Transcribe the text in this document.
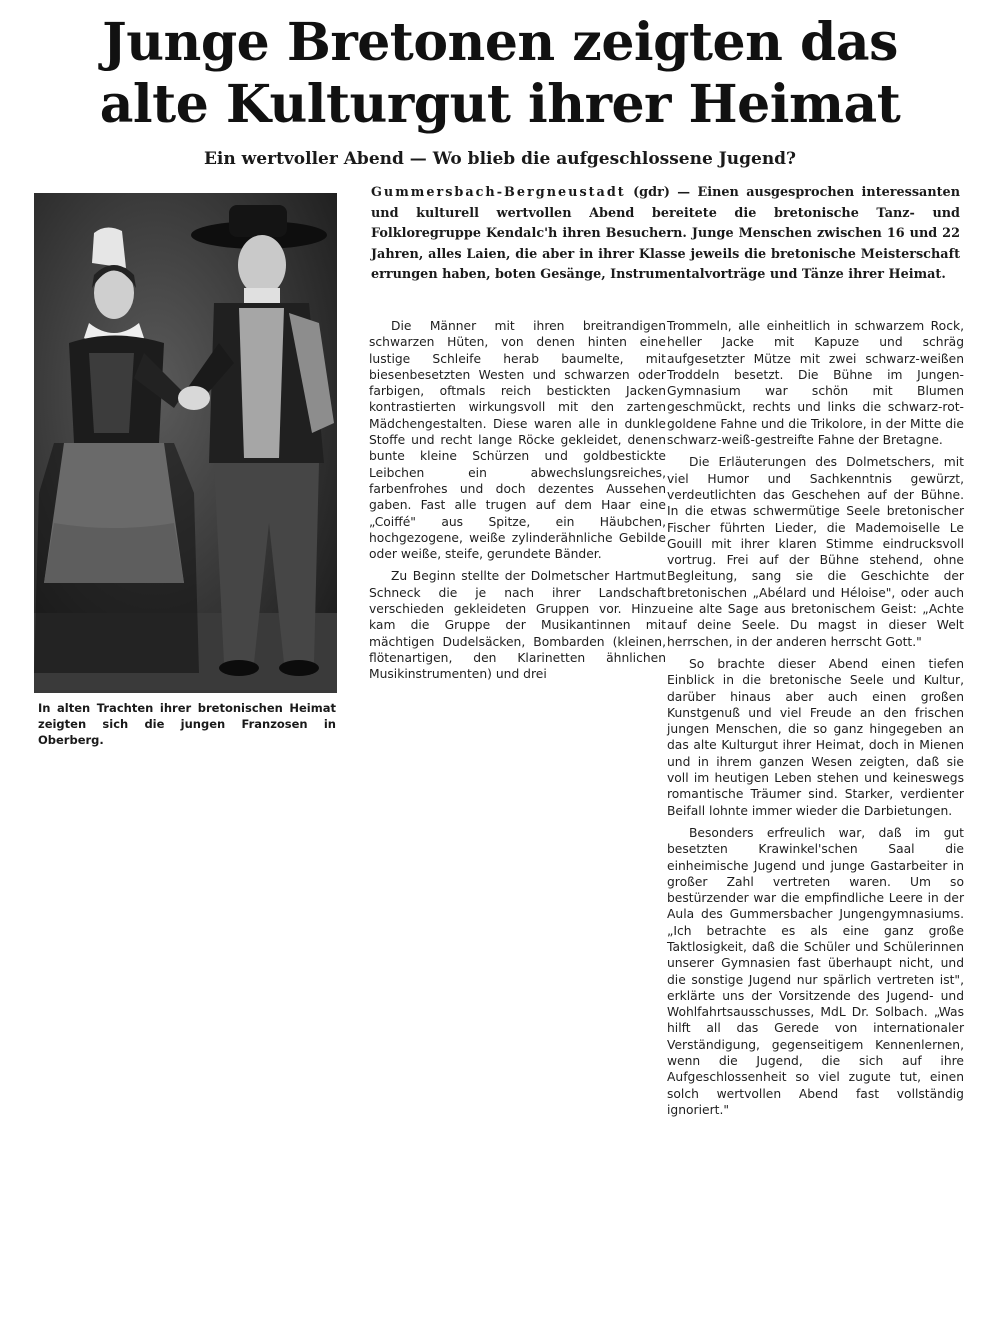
Junge Bretonen zeigten das
alte Kulturgut ihrer Heimat
Ein wertvoller Abend — Wo blieb die aufgeschlossene Jugend?

In alten Trachten ihrer bretonischen Heimat zeigten sich die jungen Franzosen in Oberberg.

Gummersbach-Bergneustadt (gdr) — Einen ausgesprochen interessanten und kulturell wertvollen Abend bereitete die bretonische Tanz- und Folkloregruppe Kendalc'h ihren Besuchern. Junge Menschen zwischen 16 und 22 Jahren, alles Laien, die aber in ihrer Klasse jeweils die bretonische Meisterschaft errungen haben, boten Gesänge, Instrumentalvorträge und Tänze ihrer Heimat.

Die Männer mit ihren breitrandigen schwarzen Hüten, von denen hinten eine lustige Schleife herab baumelte, mit biesenbesetzten Westen und schwarzen oder farbigen, oftmals reich bestickten Jacken kontrastierten wirkungsvoll mit den zarten Mädchengestalten. Diese waren alle in dunkle Stoffe und recht lange Röcke gekleidet, denen bunte kleine Schürzen und goldbestickte Leibchen ein abwechslungsreiches, farbenfrohes und doch dezentes Aussehen gaben. Fast alle trugen auf dem Haar eine „Coiffé" aus Spitze, ein Häubchen, hochgezogene, weiße zylinderähnliche Gebilde oder weiße, steife, gerundete Bänder.

Zu Beginn stellte der Dolmetscher Hartmut Schneck die je nach ihrer Landschaft verschieden gekleideten Gruppen vor. Hinzu kam die Gruppe der Musikantinnen mit mächtigen Dudelsäcken, Bombarden (kleinen, flötenartigen, den Klarinetten ähnlichen Musikinstrumenten) und drei

Trommeln, alle einheitlich in schwarzem Rock, heller Jacke mit Kapuze und schräg aufgesetzter Mütze mit zwei schwarz-weißen Troddeln besetzt. Die Bühne im Jungen-Gymnasium war schön mit Blumen geschmückt, rechts und links die schwarz-rot-goldene Fahne und die Trikolore, in der Mitte die schwarz-weiß-gestreifte Fahne der Bretagne.

Die Erläuterungen des Dolmetschers, mit viel Humor und Sachkenntnis gewürzt, verdeutlichten das Geschehen auf der Bühne. In die etwas schwermütige Seele bretonischer Fischer führten Lieder, die Mademoiselle Le Gouill mit ihrer klaren Stimme eindrucksvoll vortrug. Frei auf der Bühne stehend, ohne Begleitung, sang sie die Geschichte der bretonischen „Abélard und Héloise", oder auch eine alte Sage aus bretonischem Geist: „Achte auf deine Seele. Du magst in dieser Welt herrschen, in der anderen herrscht Gott."

So brachte dieser Abend einen tiefen Einblick in die bretonische Seele und Kultur, darüber hinaus aber auch einen großen Kunstgenuß und viel Freude an den frischen jungen Menschen, die so ganz hingegeben an das alte Kulturgut ihrer Heimat, doch in Mienen und in ihrem ganzen Wesen zeigten, daß sie voll im heutigen Leben stehen und keineswegs romantische Träumer sind. Starker, verdienter Beifall lohnte immer wieder die Darbietungen.

Besonders erfreulich war, daß im gut besetzten Krawinkel'schen Saal die einheimische Jugend und junge Gastarbeiter in großer Zahl vertreten waren. Um so bestürzender war die empfindliche Leere in der Aula des Gummersbacher Jungengymnasiums. „Ich betrachte es als eine ganz große Taktlosigkeit, daß die Schüler und Schülerinnen unserer Gymnasien fast überhaupt nicht, und die sonstige Jugend nur spärlich vertreten ist", erklärte uns der Vorsitzende des Jugend- und Wohlfahrtsausschusses, MdL Dr. Solbach. „Was hilft all das Gerede von internationaler Verständigung, gegenseitigem Kennenlernen, wenn die Jugend, die sich auf ihre Aufgeschlossenheit so viel zugute tut, einen solch wertvollen Abend fast vollständig ignoriert."
